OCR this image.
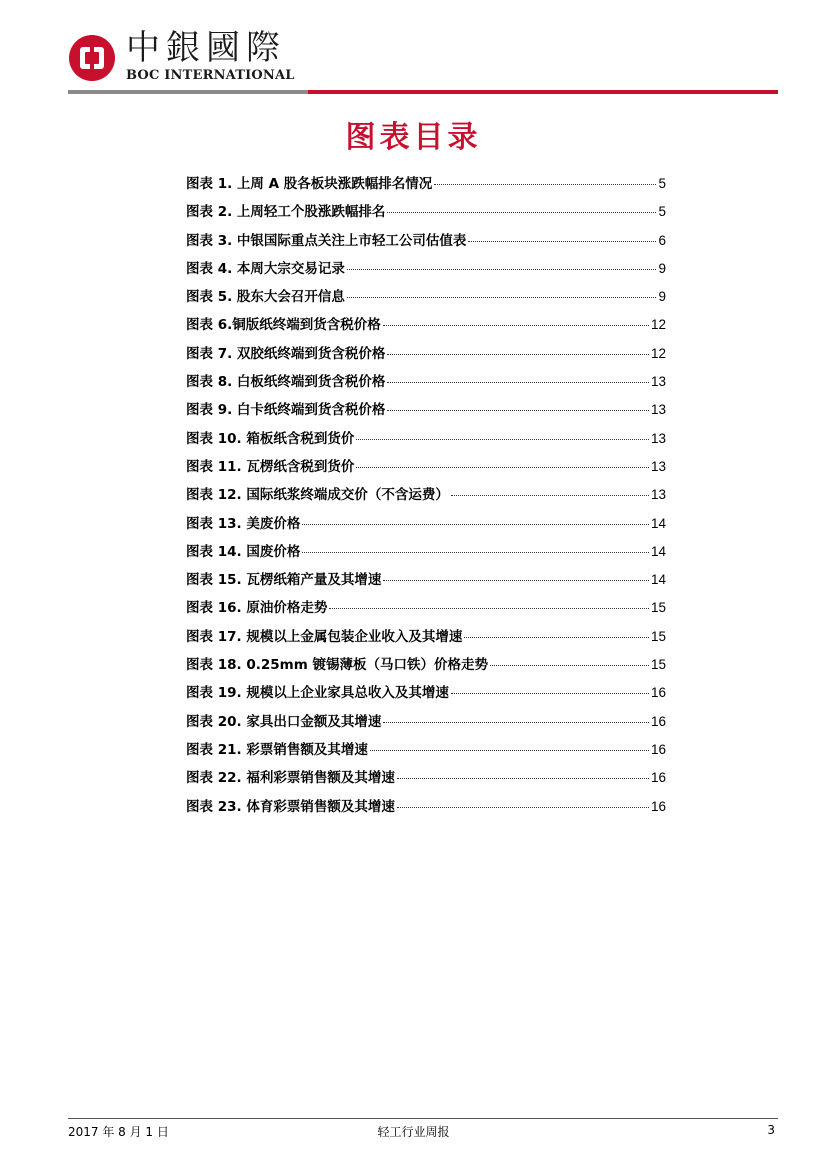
中銀國際
BOC INTERNATIONAL
图表目录
图表 1. 上周 A 股各板块涨跌幅排名情况	5
图表 2. 上周轻工个股涨跌幅排名	5
图表 3. 中银国际重点关注上市轻工公司估值表	6
图表 4. 本周大宗交易记录	9
图表 5. 股东大会召开信息	9
图表 6.铜版纸终端到货含税价格	12
图表 7. 双胶纸终端到货含税价格	12
图表 8. 白板纸终端到货含税价格	13
图表 9. 白卡纸终端到货含税价格	13
图表 10. 箱板纸含税到货价	13
图表 11. 瓦楞纸含税到货价	13
图表 12. 国际纸浆终端成交价（不含运费）	13
图表 13. 美废价格	14
图表 14. 国废价格	14
图表 15. 瓦楞纸箱产量及其增速	14
图表 16. 原油价格走势	15
图表 17. 规模以上金属包装企业收入及其增速	15
图表 18. 0.25mm 镀锡薄板（马口铁）价格走势	15
图表 19. 规模以上企业家具总收入及其增速	16
图表 20. 家具出口金额及其增速	16
图表 21. 彩票销售额及其增速	16
图表 22. 福利彩票销售额及其增速	16
图表 23. 体育彩票销售额及其增速	16
2017 年 8 月 1 日	轻工行业周报	3
